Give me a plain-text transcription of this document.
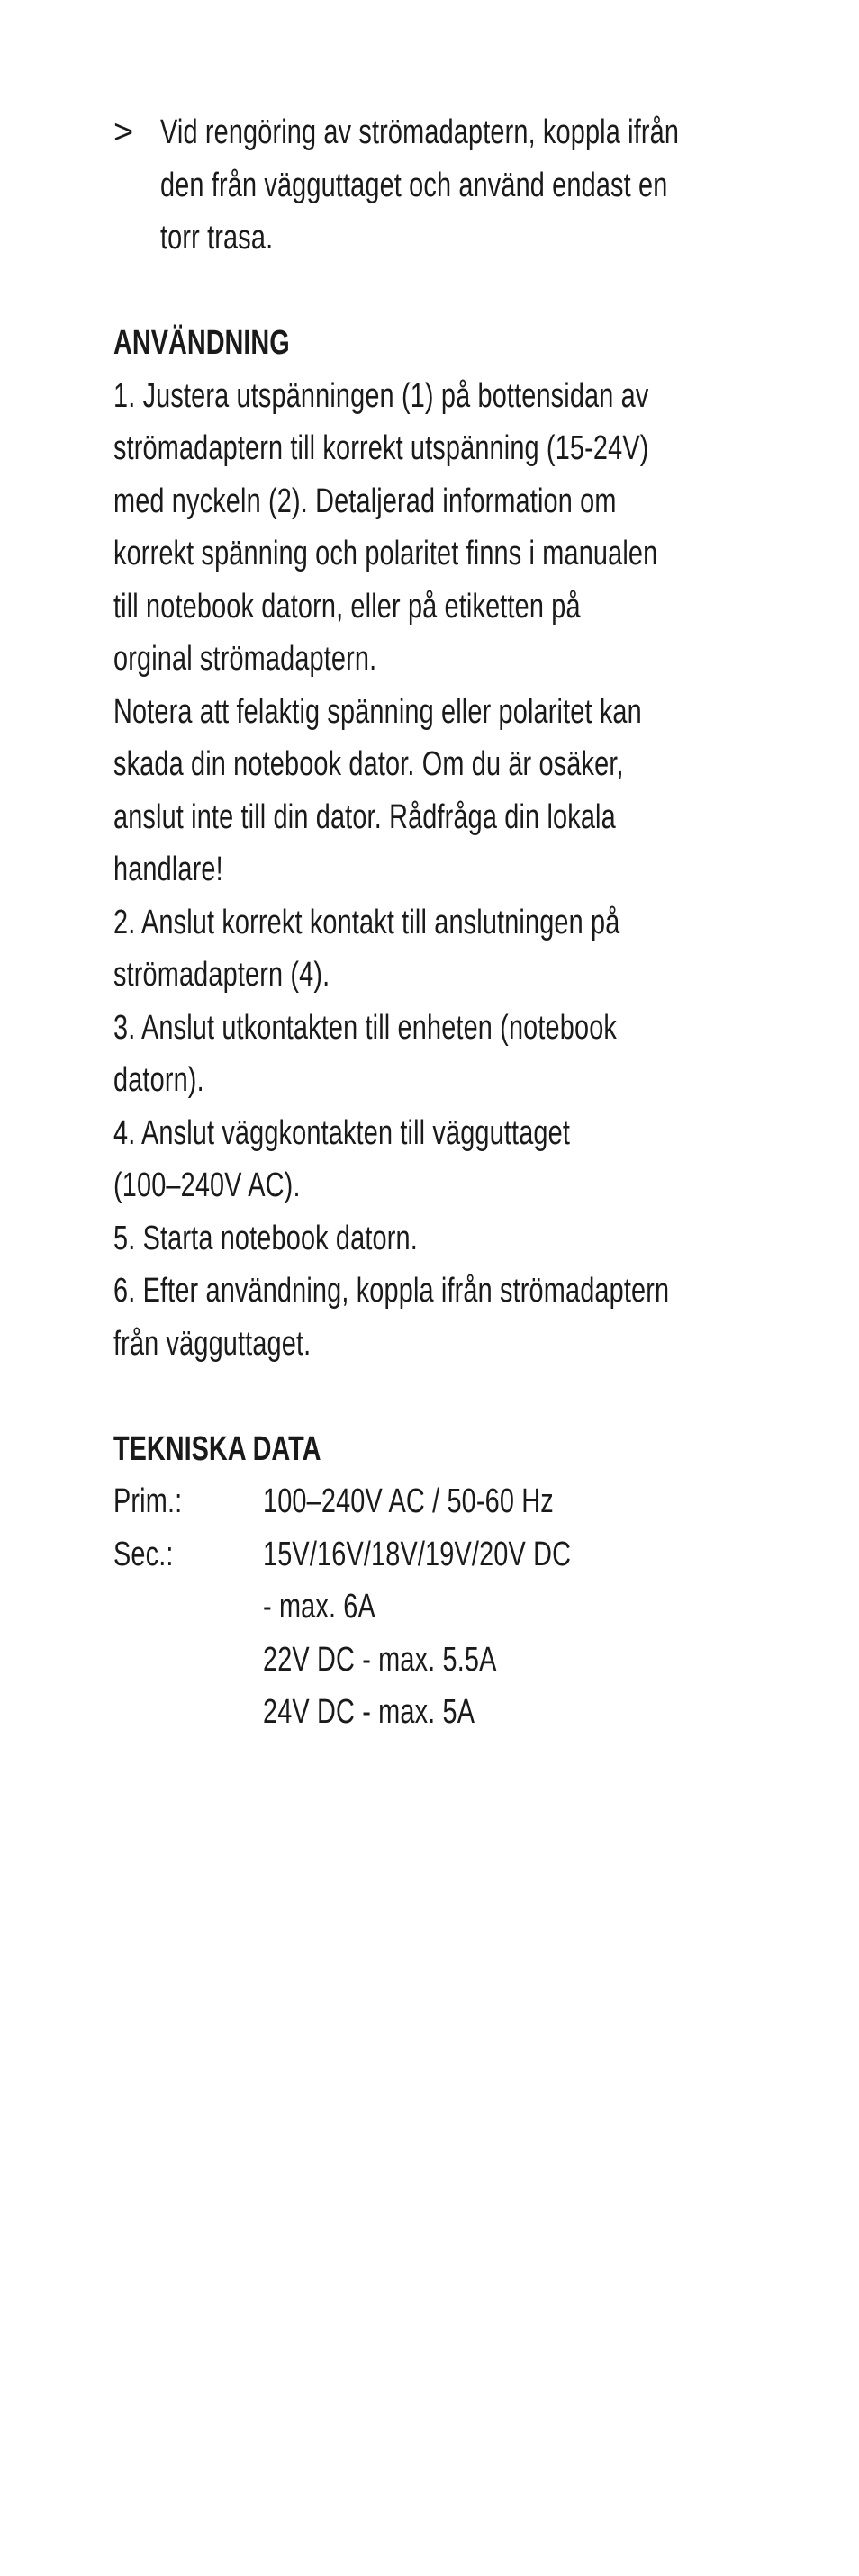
> Vid rengöring av strömadaptern, koppla ifrån
den från vägguttaget och använd endast en
torr trasa.
ANVÄNDNING
1. Justera utspänningen (1) på bottensidan av
strömadaptern till korrekt utspänning (15-24V)
med nyckeln (2). Detaljerad information om
korrekt spänning och polaritet finns i manualen
till notebook datorn, eller på etiketten på
orginal strömadaptern.
Notera att felaktig spänning eller polaritet kan
skada din notebook dator. Om du är osäker,
anslut inte till din dator. Rådfråga din lokala
handlare!
2. Anslut korrekt kontakt till anslutningen på
strömadaptern (4).
3. Anslut utkontakten till enheten (notebook
datorn).
4. Anslut väggkontakten till vägguttaget
(100–240V AC).
5. Starta notebook datorn.
6. Efter användning, koppla ifrån strömadaptern
från vägguttaget.
TEKNISKA DATA
Prim.:	100–240V AC / 50-60 Hz
Sec.:	15V/16V/18V/19V/20V DC
- max. 6A
22V DC - max. 5.5A
24V DC - max. 5A
